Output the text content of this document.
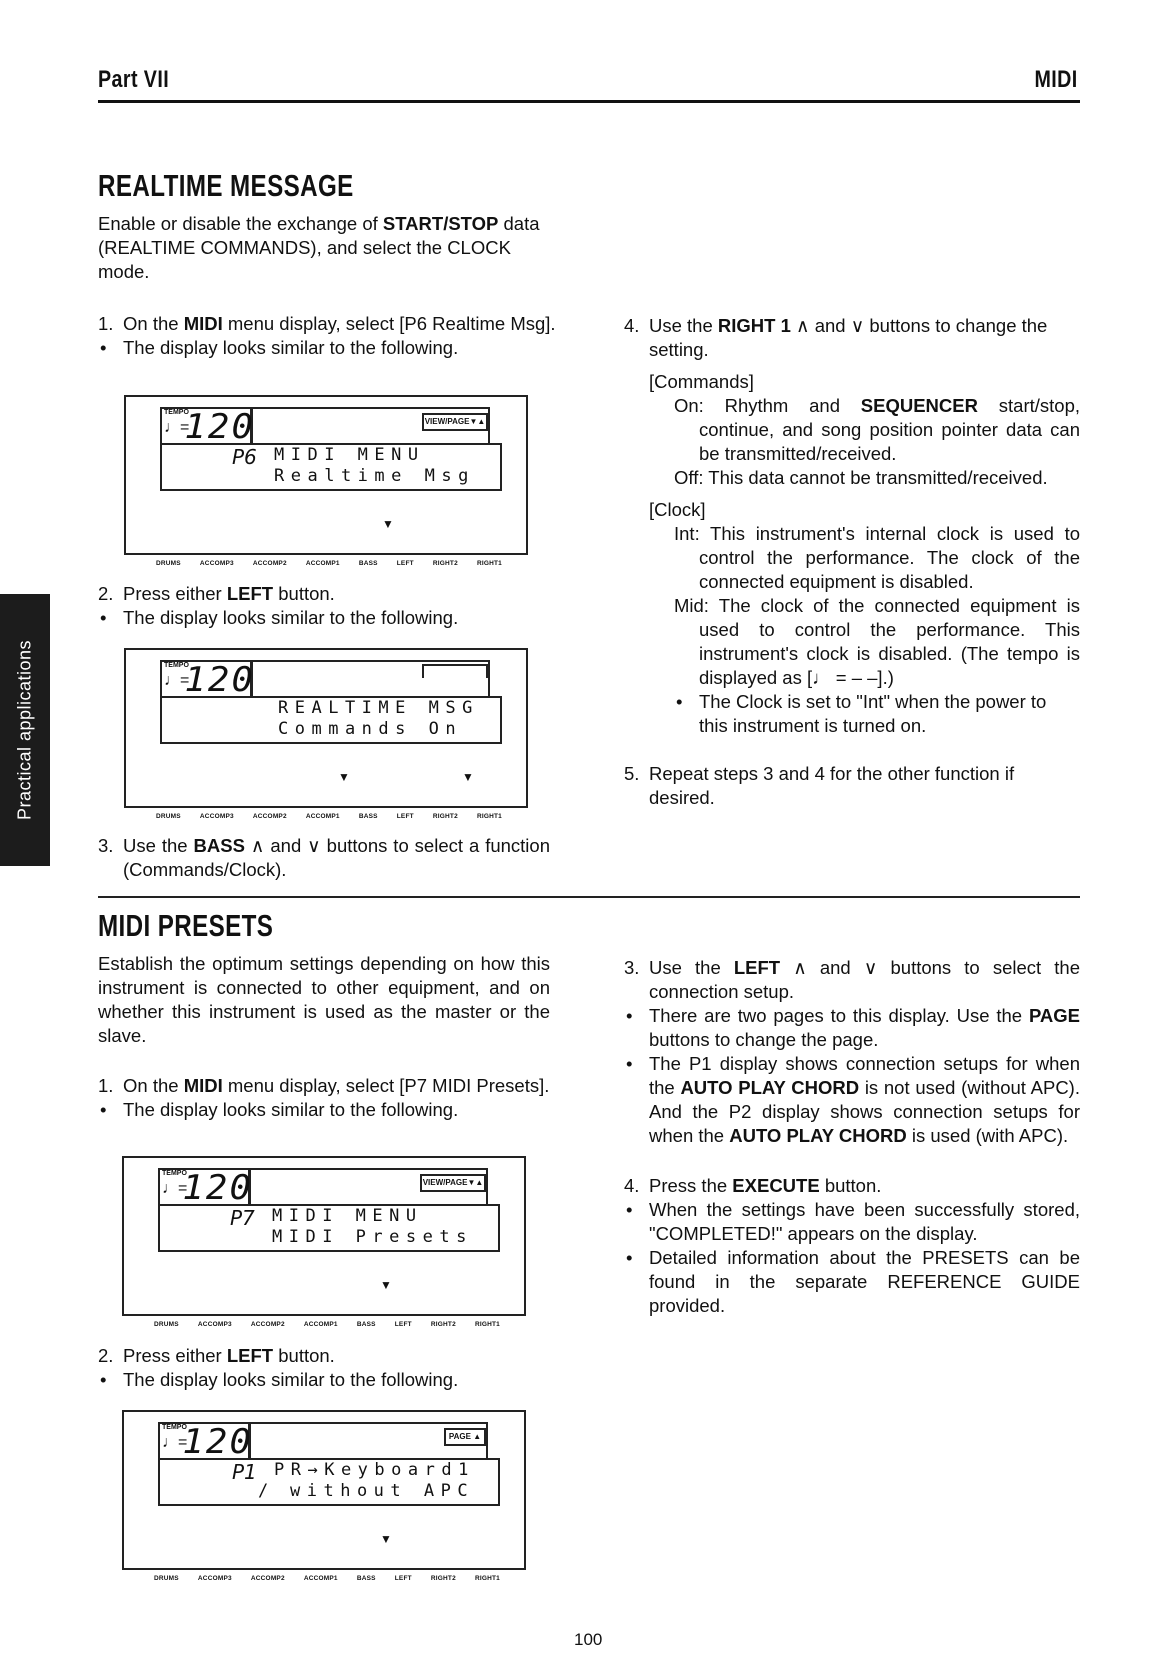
Part VII	MIDI
Practical applications
REALTIME MESSAGE
Enable or disable the exchange of START/STOP data (REALTIME COMMANDS), and select the CLOCK mode.
1. On the MIDI menu display, select [P6 Realtime Msg].
• The display looks similar to the following.
TEMPO
♩=
120	VIEW/PAGE▼▲
P6 MIDI MENU
Realtime Msg
▼
DRUMS	ACCOMP3	ACCOMP2	ACCOMP1	BASS	LEFT	RIGHT2	RIGHT1
2. Press either LEFT button.
• The display looks similar to the following.
TEMPO
♩=
120
REALTIME MSG
Commands On
▼	▼
DRUMS	ACCOMP3	ACCOMP2	ACCOMP1	BASS	LEFT	RIGHT2	RIGHT1
3. Use the BASS ∧ and ∨ buttons to select a function (Commands/Clock).
4. Use the RIGHT 1 ∧ and ∨ buttons to change the setting.
[Commands]
On: Rhythm and SEQUENCER start/stop, continue, and song position pointer data can be transmitted/received.
Off: This data cannot be transmitted/received.
[Clock]
Int: This instrument's internal clock is used to control the performance. The clock of the connected equipment is disabled.
Mid: The clock of the connected equipment is used to control the performance. This instrument's clock is disabled. (The tempo is displayed as [♩ = – –].)
• The Clock is set to "Int" when the power to this instrument is turned on.
5. Repeat steps 3 and 4 for the other function if desired.
MIDI PRESETS
Establish the optimum settings depending on how this instrument is connected to other equipment, and on whether this instrument is used as the master or the slave.
1. On the MIDI menu display, select [P7 MIDI Presets].
• The display looks similar to the following.
TEMPO
♩=
120	VIEW/PAGE▼▲
P7 MIDI MENU
MIDI Presets
▼
DRUMS	ACCOMP3	ACCOMP2	ACCOMP1	BASS	LEFT	RIGHT2	RIGHT1
2. Press either LEFT button.
• The display looks similar to the following.
TEMPO
♩=
120	PAGE ▲
P1 PR→Keyboard1
/ without APC
▼
DRUMS	ACCOMP3	ACCOMP2	ACCOMP1	BASS	LEFT	RIGHT2	RIGHT1
3. Use the LEFT ∧ and ∨ buttons to select the connection setup.
• There are two pages to this display. Use the PAGE buttons to change the page.
• The P1 display shows connection setups for when the AUTO PLAY CHORD is not used (without APC). And the P2 display shows connection setups for when the AUTO PLAY CHORD is used (with APC).
4. Press the EXECUTE button.
• When the settings have been successfully stored, "COMPLETED!" appears on the display.
• Detailed information about the PRESETS can be found in the separate REFERENCE GUIDE provided.
100
